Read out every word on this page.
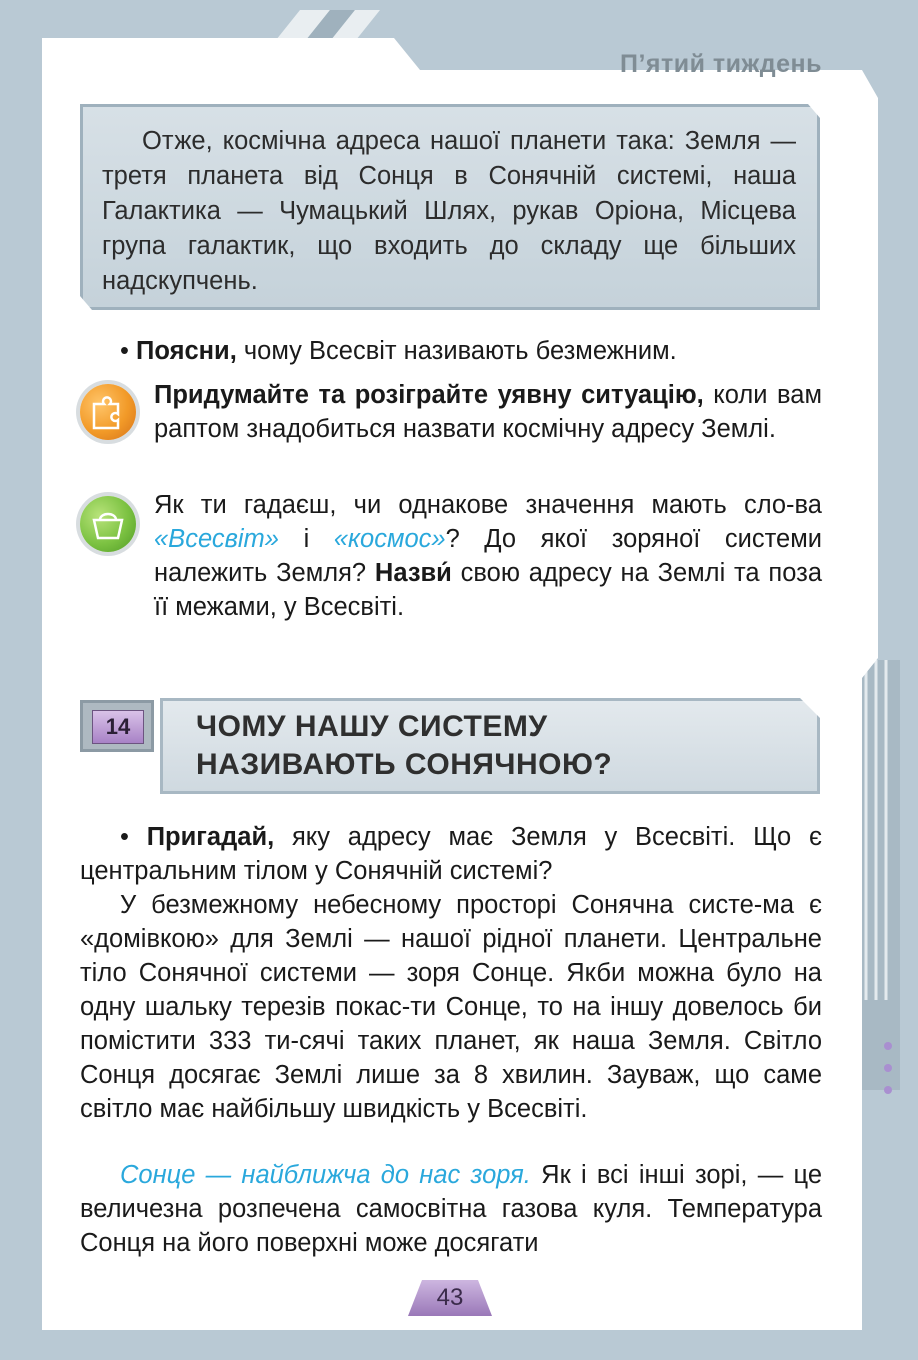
П’ятий тиждень
Отже, космічна адреса нашої планети така: Земля — третя планета від Сонця в Сонячній системі, наша Галактика — Чумацький Шлях, рукав Оріона, Місцева група галактик, що входить до складу ще більших надскупчень.
• Поясни, чому Всесвіт називають безмежним.
Придумайте та розіграйте уявну ситуацію, коли вам раптом знадобиться назвати космічну адресу Землі.
Як ти гадаєш, чи однакове значення мають сло-ва «Всесвіт» і «космос»? До якої зоряної системи належить Земля? Назви́ свою адресу на Землі та поза її межами, у Всесвіті.
14	ЧОМУ НАШУ СИСТЕМУ
НАЗИВАЮТЬ СОНЯЧНОЮ?
• Пригадай, яку адресу має Земля у Всесвіті. Що є центральним тілом у Сонячній системі?
У безмежному небесному просторі Сонячна систе-ма є «домівкою» для Землі — нашої рідної планети. Центральне тіло Сонячної системи — зоря Сонце. Якби можна було на одну шальку терезів покас-ти Сонце, то на іншу довелось би помістити 333 ти-сячі таких планет, як наша Земля. Світло Сонця досягає Землі лише за 8 хвилин. Зауваж, що саме світло має найбільшу швидкість у Всесвіті.
Сонце — найближча до нас зоря. Як і всі інші зорі, — це величезна розпечена самосвітна газова куля. Температура Сонця на його поверхні може досягати
43
